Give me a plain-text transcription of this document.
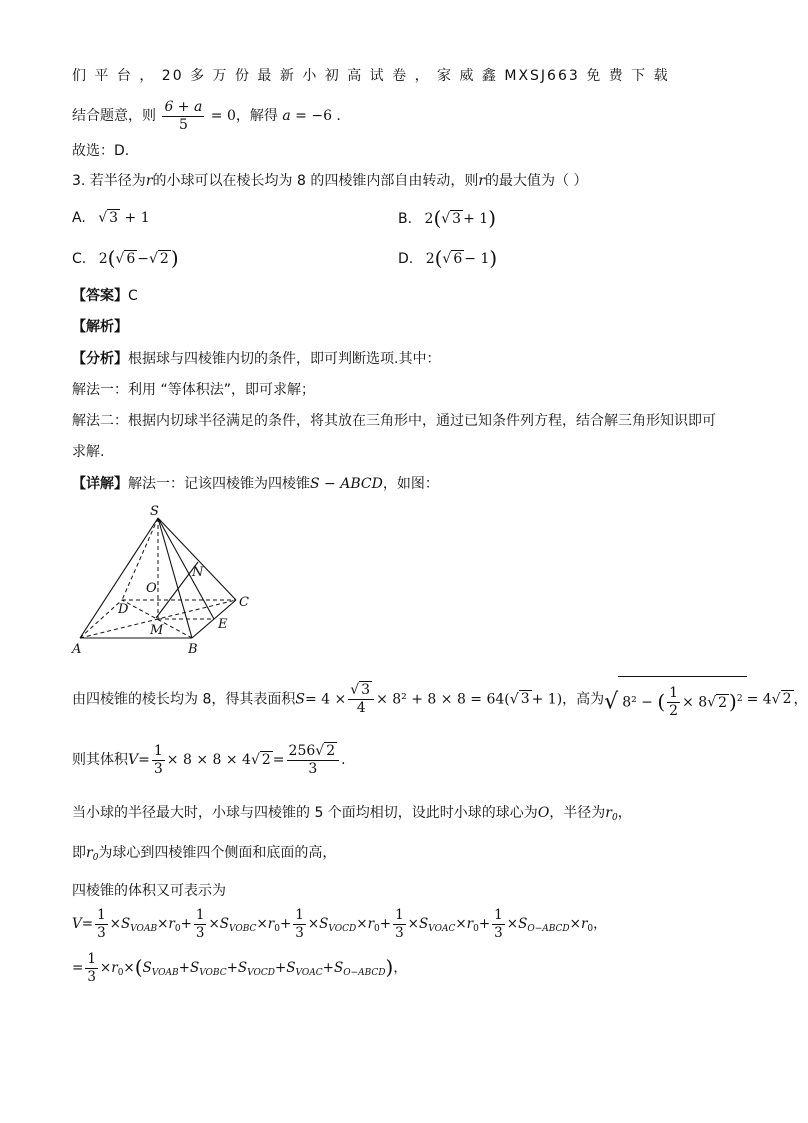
们 平 台 ， 20 多 万 份 最 新 小 初 高 试 卷 ， 家 威 鑫 MXSJ663 免 费 下 载
结合题意，则 $\frac{6 + a}{5} = 0$，解得 a = −6 .
故选：D.
3. 若半径为r的小球可以在棱长均为 8 的四棱锥内部自由转动，则r的最大值为（ ）
A. √ 3 + 1	B. 2(√ 3 + 1)
C. 2(√ 6 −√ 2 )	D. 2(√ 6 − 1)
【答案】C
【解析】
【分析】根据球与四棱锥内切的条件，即可判断选项.其中：
解法一：利用 “等体积法”，即可求解；
解法二：根据内切球半径满足的条件，将其放在三角形中，通过已知条件列方程，结合解三角形知识即可
求解.
【详解】解法一：记该四棱锥为四棱锥S − ABCD，如图：
S
N
O
D	C
M	E
A	B
由四棱锥的棱长均为 8，得其表面积$S= 4 \times \frac{√ 3}{4} \times 8^2 + 8 \times 8 = 64(√$ 3 + 1)，高为√ 8² − ( $\frac{1}{2} \times 8√$ 2 )$^2$ = 4√ 2 ，
则其体积$V= \frac{1}{3} \times 8 \times 8 \times 4√$ $2 = \frac{256√ 2}{3}$ .
当小球的半径最大时，小球与四棱锥的 5 个面均相切，设此时小球的球心为O，半径为$r_0$，
即$r_0$为球心到四棱锥四个侧面和底面的高，
四棱锥的体积又可表示为
$V= \frac{1}{3} \times S_{VOAB}\times r_0+ \frac{1}{3} \times S_{VOBC}\times r_0+ \frac{1}{3} \times S_{VOCD}\times r_0+ \frac{1}{3} \times S_{VOAC}\times r_0+ \frac{1}{3} \times S_{O-ABCD}\times r_0$，
= $\frac{1}{3} \times r_0\times(S_{VOAB}+S_{VOBC}+S_{VOCD}+S_{VOAC}+S_{O-ABCD})$，
